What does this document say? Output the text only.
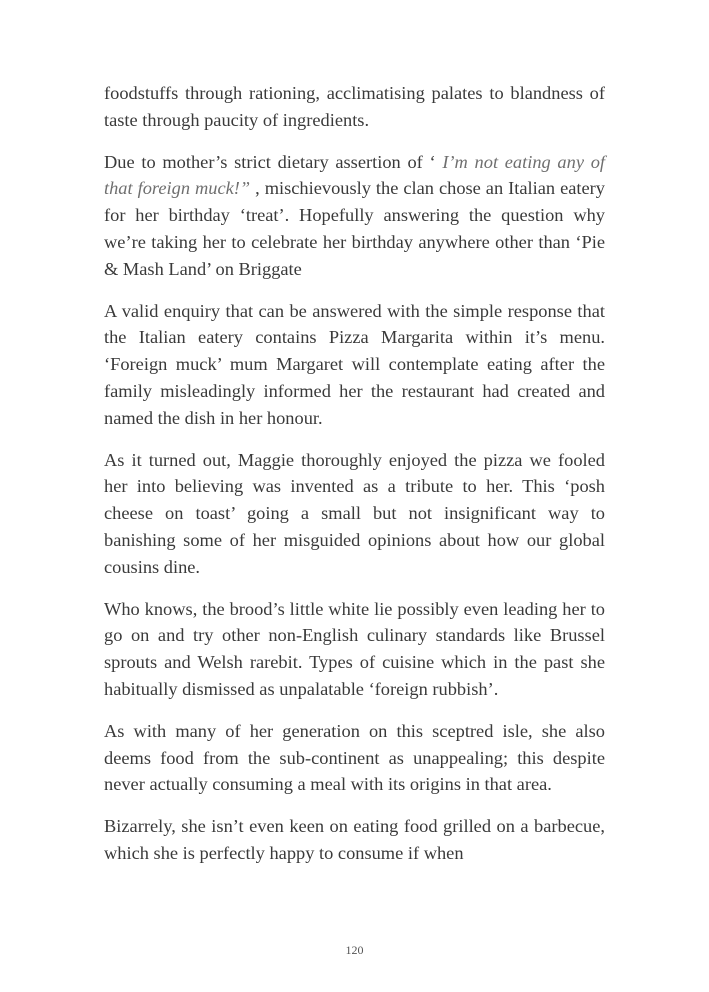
foodstuffs through rationing, acclimatising palates to blandness of taste through paucity of ingredients.

Due to mother’s strict dietary assertion of ‘ I’m not eating any of that foreign muck!” , mischievously the clan chose an Italian eatery for her birthday ‘treat’. Hopefully answering the question why we’re taking her to celebrate her birthday anywhere other than ‘Pie & Mash Land’ on Briggate

A valid enquiry that can be answered with the simple response that the Italian eatery contains Pizza Margarita within it’s menu. ‘Foreign muck’ mum Margaret will contemplate eating after the family misleadingly informed her the restaurant had created and named the dish in her honour.

As it turned out, Maggie thoroughly enjoyed the pizza we fooled her into believing was invented as a tribute to her. This ‘posh cheese on toast’ going a small but not insignificant way to banishing some of her misguided opinions about how our global cousins dine.

Who knows, the brood’s little white lie possibly even leading her to go on and try other non-English culinary standards like Brussel sprouts and Welsh rarebit. Types of cuisine which in the past she habitually dismissed as unpalatable ‘foreign rubbish’.

As with many of her generation on this sceptred isle, she also deems food from the sub-continent as unappealing; this despite never actually consuming a meal with its origins in that area.

Bizarrely, she isn’t even keen on eating food grilled on a barbecue, which she is perfectly happy to consume if when

120
